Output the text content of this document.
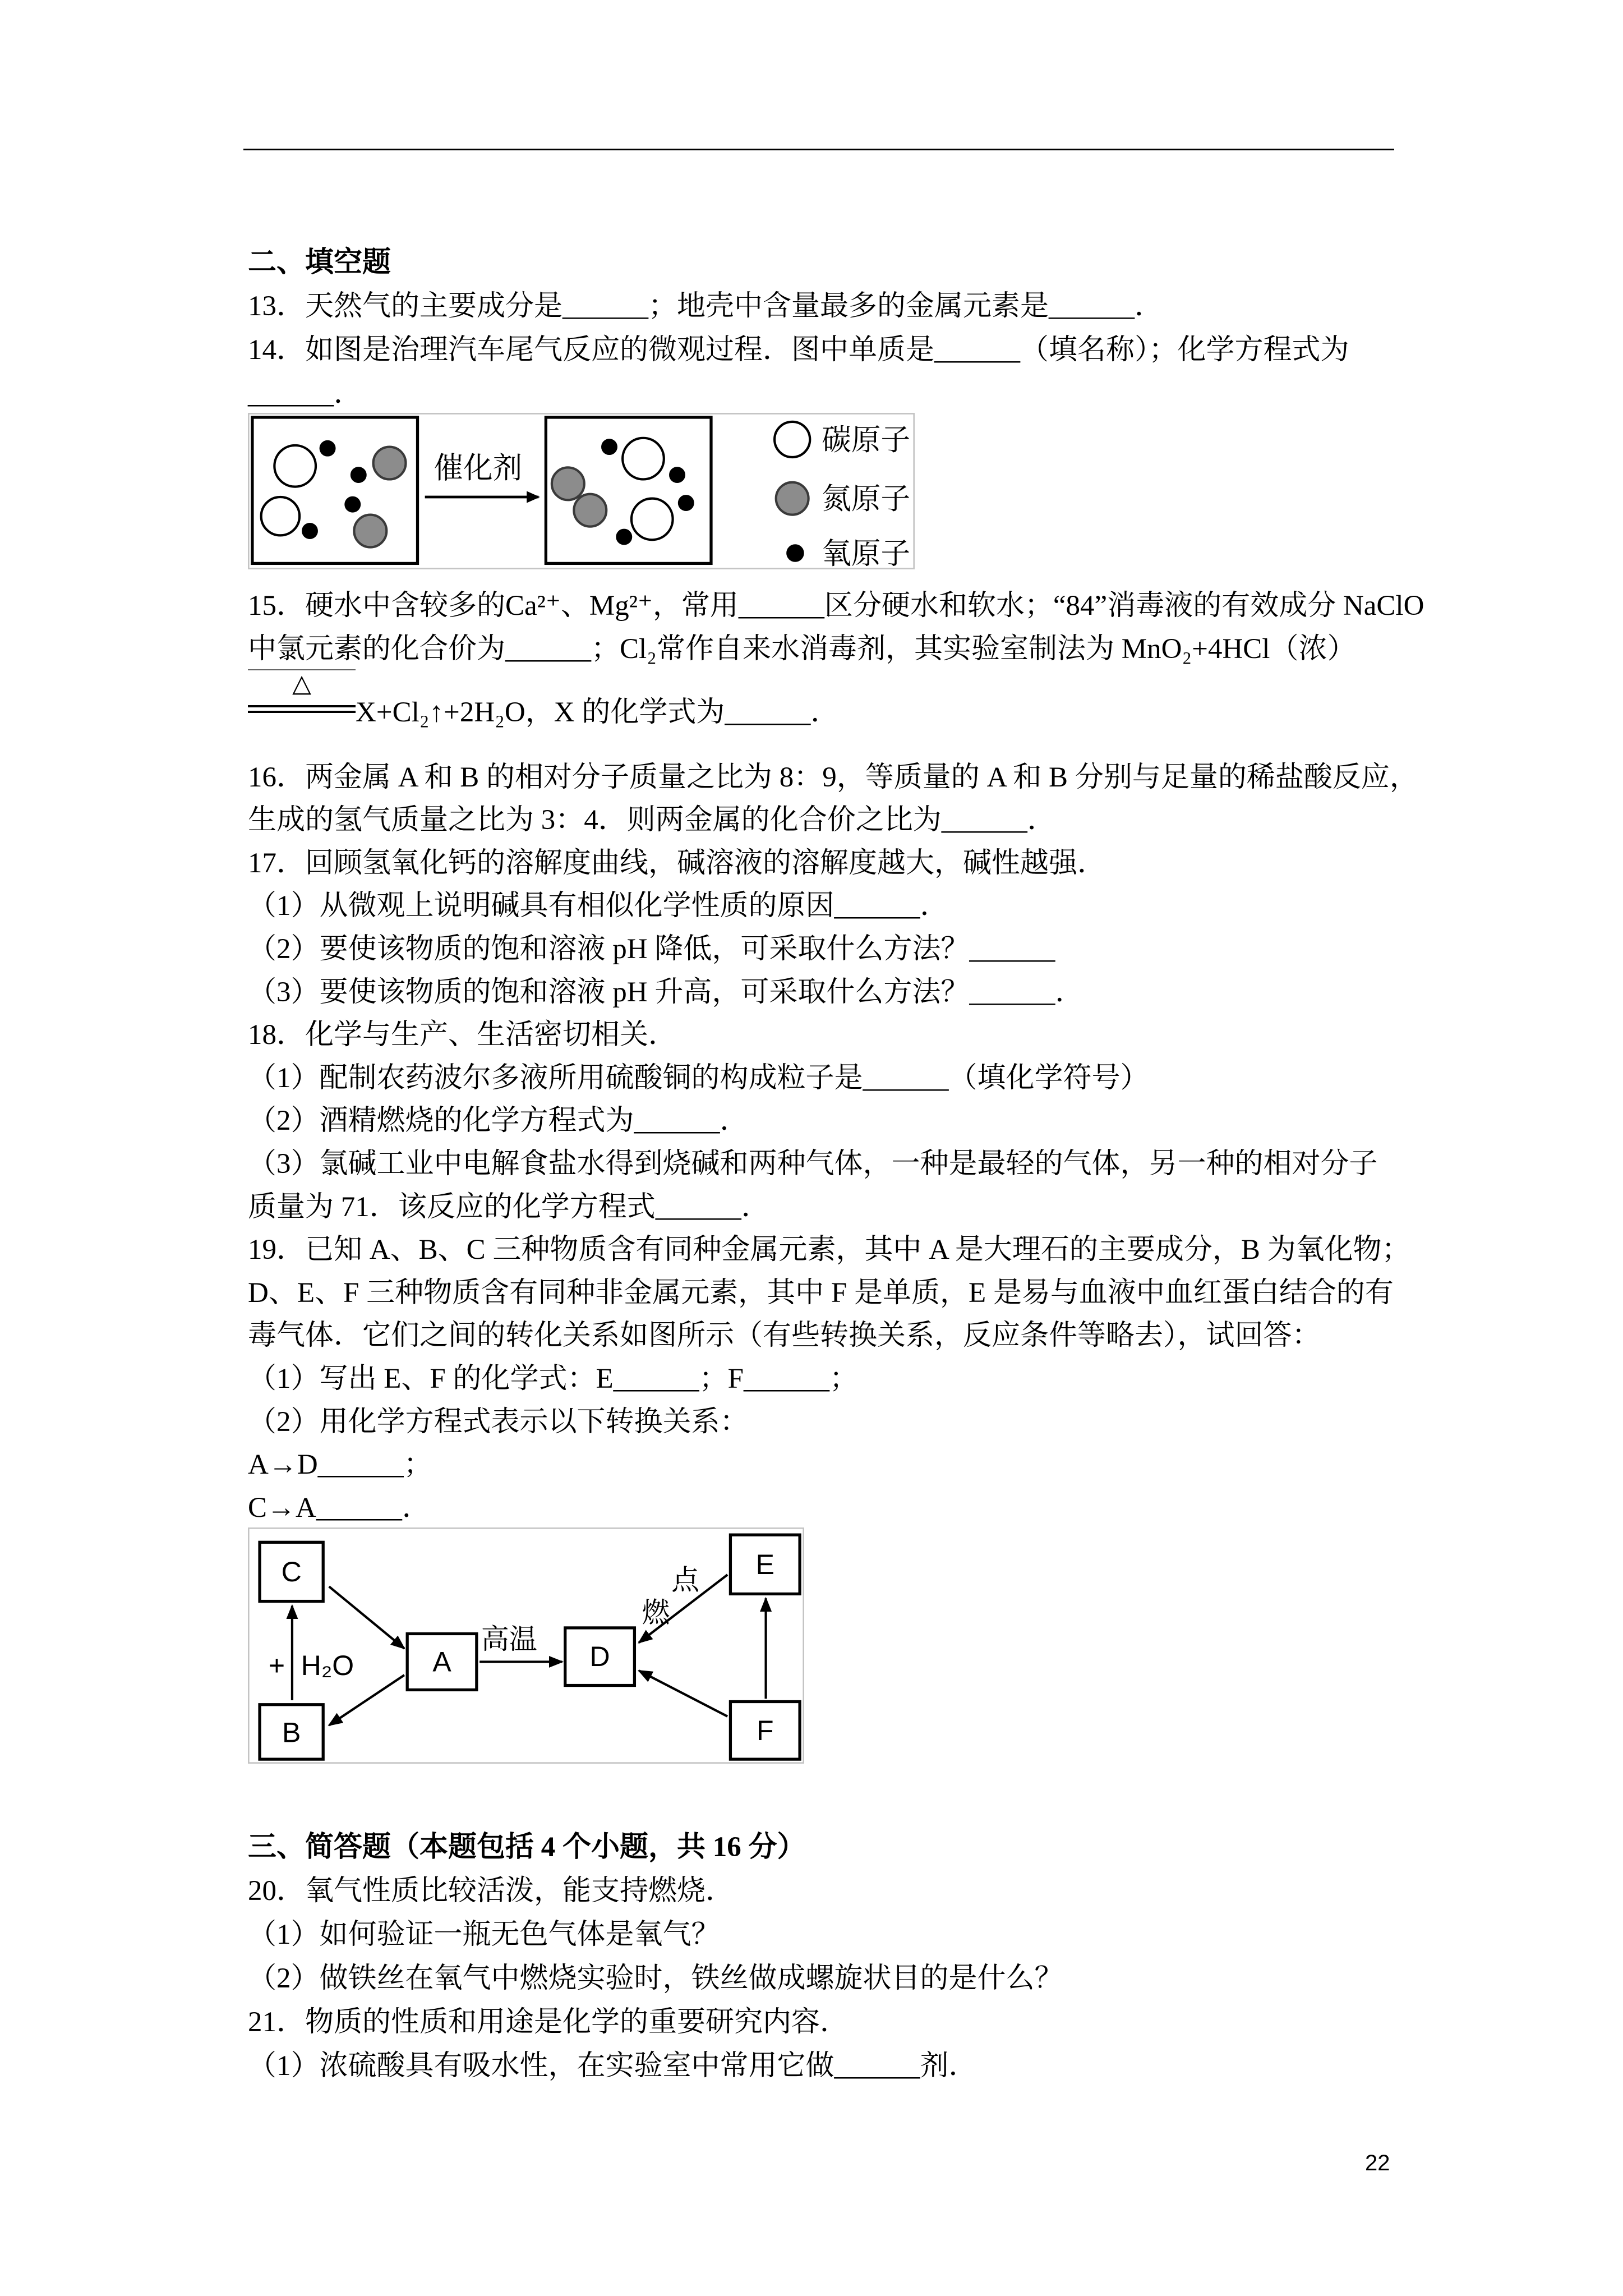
二、填空题
13．天然气的主要成分是______；地壳中含量最多的金属元素是______．
14．如图是治理汽车尾气反应的微观过程．图中单质是______（填名称）；化学方程式为
______．
催化剂
碳原子
氮原子
氧原子
15．硬水中含较多的Ca²⁺、Mg²⁺，常用______区分硬水和软水；“84”消毒液的有效成分 NaClO
中氯元素的化合价为______；Cl₂常作自来水消毒剂，其实验室制法为 MnO₂+4HCl（浓）
△
X+Cl₂↑+2H₂O，X 的化学式为______．
16．两金属 A 和 B 的相对分子质量之比为 8：9，等质量的 A 和 B 分别与足量的稀盐酸反应，
生成的氢气质量之比为 3：4．则两金属的化合价之比为______．
17．回顾氢氧化钙的溶解度曲线，碱溶液的溶解度越大，碱性越强．
（1）从微观上说明碱具有相似化学性质的原因______．
（2）要使该物质的饱和溶液 pH 降低，可采取什么方法？______
（3）要使该物质的饱和溶液 pH 升高，可采取什么方法？______．
18．化学与生产、生活密切相关．
（1）配制农药波尔多液所用硫酸铜的构成粒子是______（填化学符号）
（2）酒精燃烧的化学方程式为______．
（3）氯碱工业中电解食盐水得到烧碱和两种气体，一种是最轻的气体，另一种的相对分子
质量为 71．该反应的化学方程式______．
19．已知 A、B、C 三种物质含有同种金属元素，其中 A 是大理石的主要成分，B 为氧化物；
D、E、F 三种物质含有同种非金属元素，其中 F 是单质，E 是易与血液中血红蛋白结合的有
毒气体．它们之间的转化关系如图所示（有些转换关系，反应条件等略去），试回答：
（1）写出 E、F 的化学式：E______；F______；
（2）用化学方程式表示以下转换关系：
A→D______；
C→A______．
C
A
B
D
E
F
+ H₂O
高温
点燃
三、简答题（本题包括 4 个小题，共 16 分）
20．氧气性质比较活泼，能支持燃烧．
（1）如何验证一瓶无色气体是氧气？
（2）做铁丝在氧气中燃烧实验时，铁丝做成螺旋状目的是什么？
21．物质的性质和用途是化学的重要研究内容．
（1）浓硫酸具有吸水性，在实验室中常用它做______剂．
22
